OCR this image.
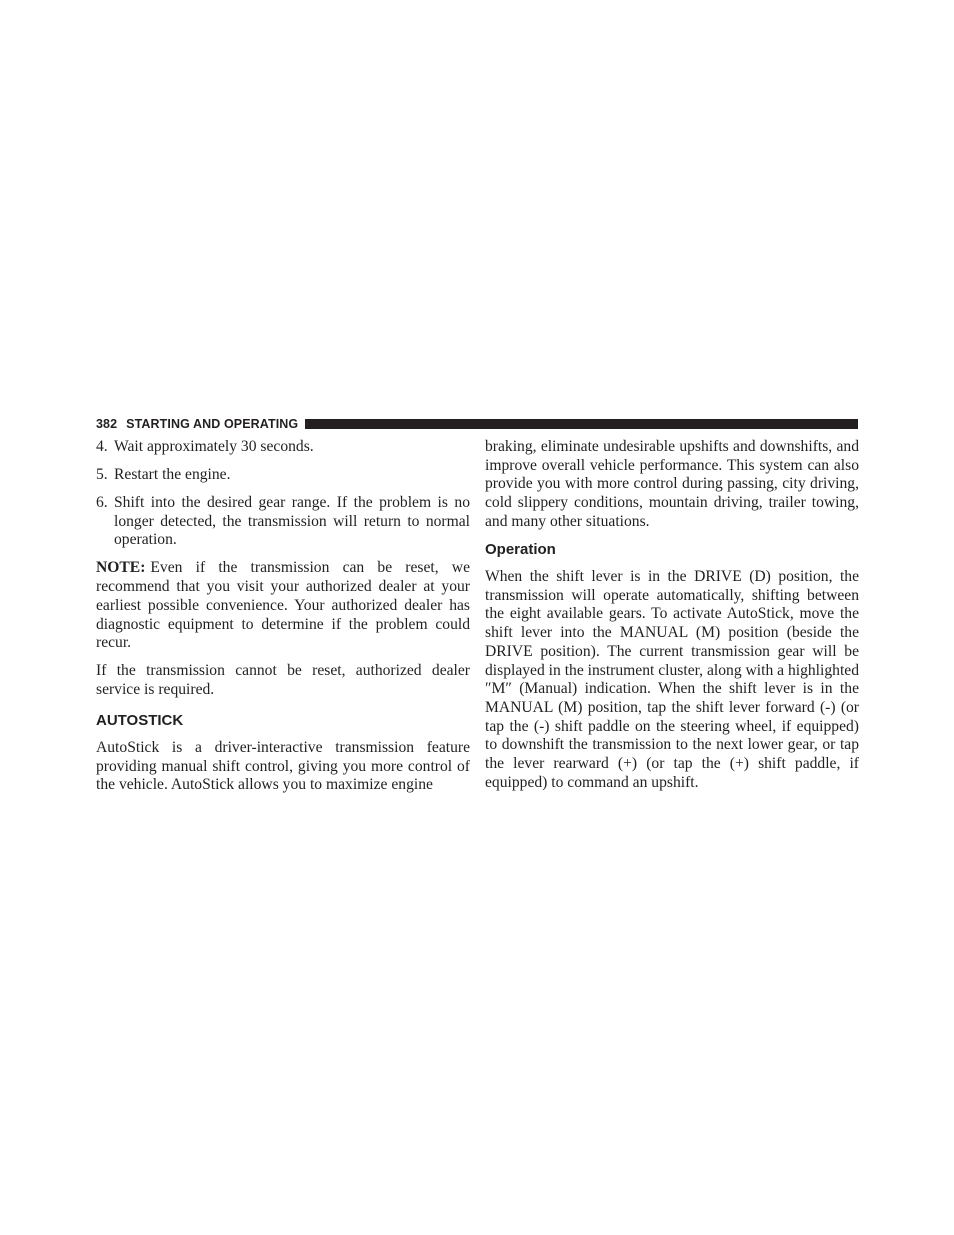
382 STARTING AND OPERATING
4. Wait approximately 30 seconds.
5. Restart the engine.
6. Shift into the desired gear range. If the problem is no longer detected, the transmission will return to normal operation.

NOTE: Even if the transmission can be reset, we recommend that you visit your authorized dealer at your earliest possible convenience. Your authorized dealer has diagnostic equipment to determine if the problem could recur.

If the transmission cannot be reset, authorized dealer service is required.

AUTOSTICK

AutoStick is a driver-interactive transmission feature providing manual shift control, giving you more control of the vehicle. AutoStick allows you to maximize engine

braking, eliminate undesirable upshifts and downshifts, and improve overall vehicle performance. This system can also provide you with more control during passing, city driving, cold slippery conditions, mountain driving, trailer towing, and many other situations.

Operation

When the shift lever is in the DRIVE (D) position, the transmission will operate automatically, shifting between the eight available gears. To activate AutoStick, move the shift lever into the MANUAL (M) position (beside the DRIVE position). The current transmission gear will be displayed in the instrument cluster, along with a highlighted ″M″ (Manual) indication. When the shift lever is in the MANUAL (M) position, tap the shift lever forward (-) (or tap the (-) shift paddle on the steering wheel, if equipped) to downshift the transmission to the next lower gear, or tap the lever rearward (+) (or tap the (+) shift paddle, if equipped) to command an upshift.
